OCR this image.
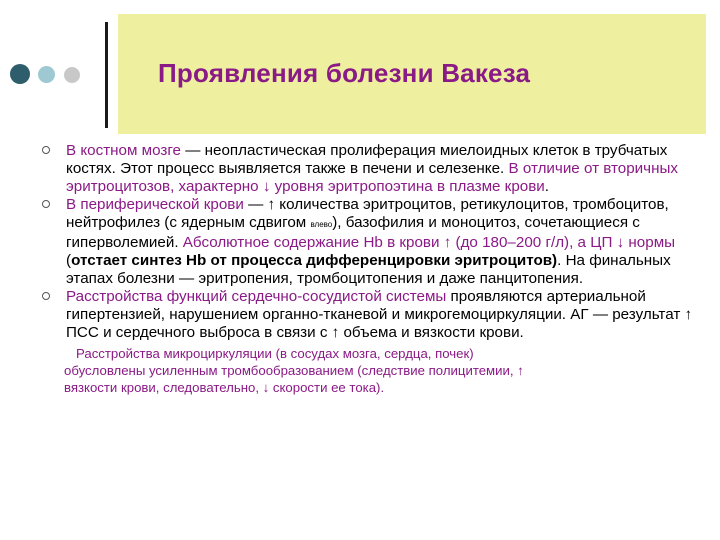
Проявления болезни Вакеза
В костном мозге — неопластическая пролиферация миелоидных клеток в трубчатых костях. Этот процесс выявляется также в печени и селезенке. В отличие от вторичных эритроцитозов, характерно ↓ уровня эритропоэтина в плазме крови.
В периферической крови — ↑ количества эритроцитов, ретикулоцитов, тромбоцитов, нейтрофилез (с ядерным сдвигом влево), базофилия и моноцитоз, сочетающиеся с гиперволемией. Абсолютное содержание Hb в крови ↑ (до 180–200 г/л), а ЦП ↓ нормы (отстает синтез Hb от процесса дифференцировки эритроцитов). На финальных этапах болезни — эритропения, тромбоцитопения и даже панцитопения.
Расстройства функций сердечно-сосудистой системы проявляются артериальной гипертензией, нарушением органно-тканевой и микрогемоциркуляции. АГ — результат ↑ ПСС и сердечного выброса в связи с ↑ объема и вязкости крови.
Расстройства микроциркуляции (в сосудах мозга, сердца, почек)
обусловлены усиленным тромбообразованием (следствие полицитемии, ↑
вязкости крови, следовательно, ↓ скорости ее тока).
